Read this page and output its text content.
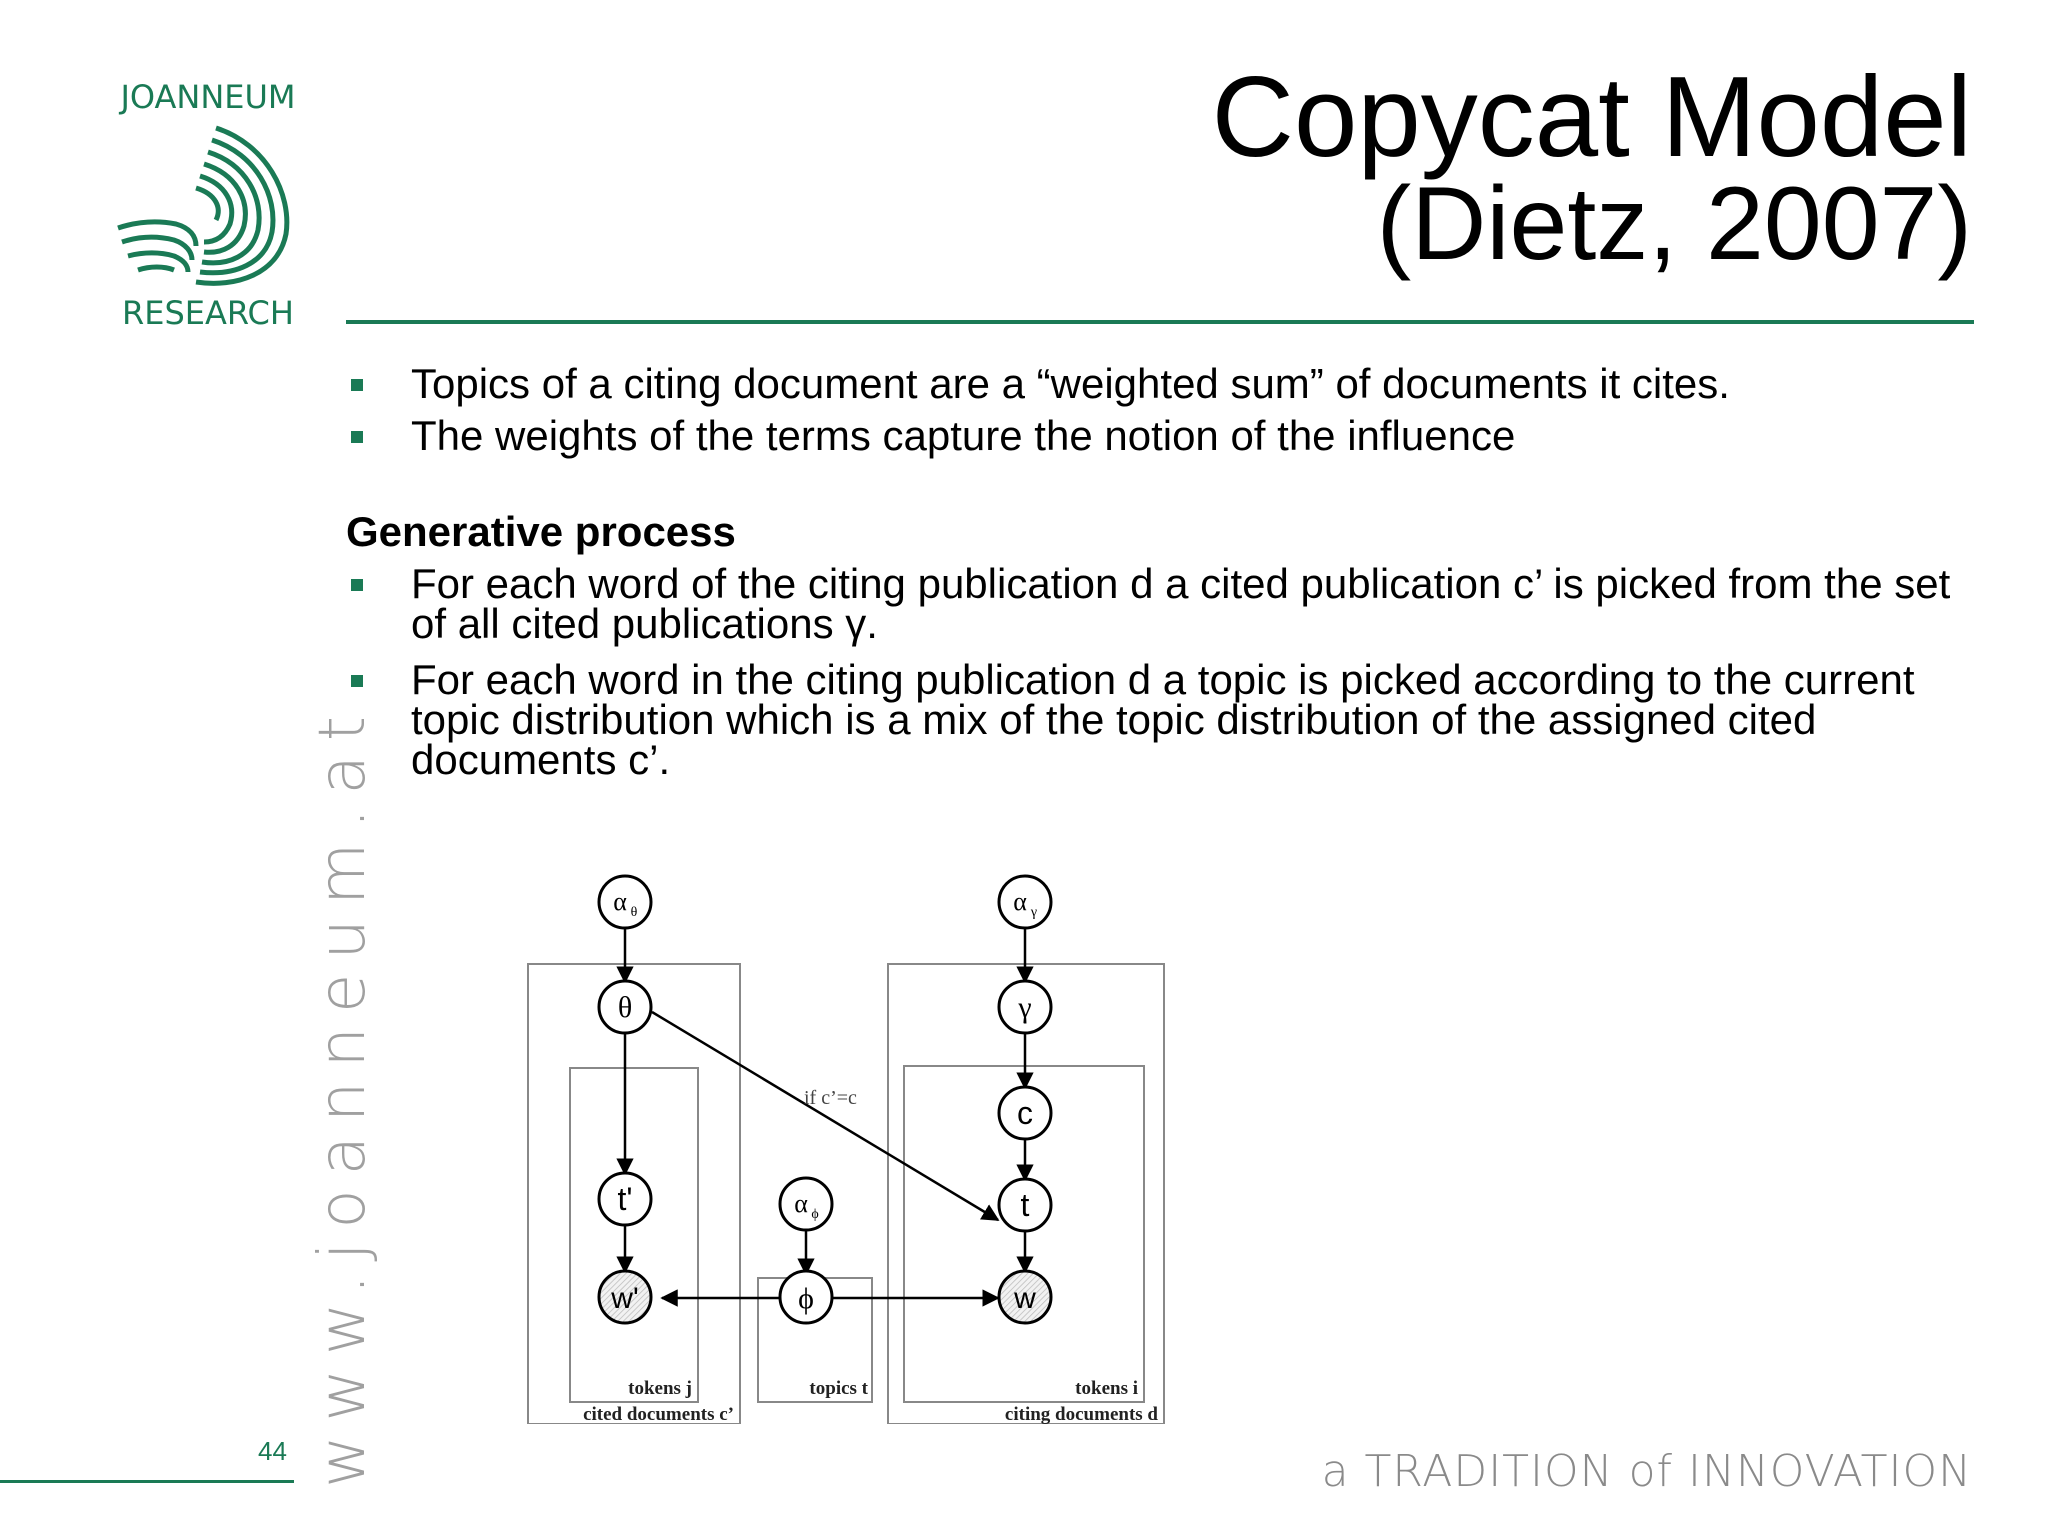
JOANNEUM
RESEARCH
Copycat Model
(Dietz, 2007)
Topics of a citing document are a “weighted sum” of documents it cites.
The weights of the terms capture the notion of the influence
Generative process
For each word of the citing publication d a cited publication c’ is picked from the set of all cited publications γ.
For each word in the citing publication d a topic is picked according to the current topic distribution which is a mix of the topic distribution of the assigned cited documents c’.
if c’=c
α θ
θ
t'
w'
α ϕ
ϕ
α γ
γ
c
t
w
tokens j
cited documents c’
topics t	tokens i
citing documents d
www.joanneum.at
44	a TRADITION of INNOVATION
